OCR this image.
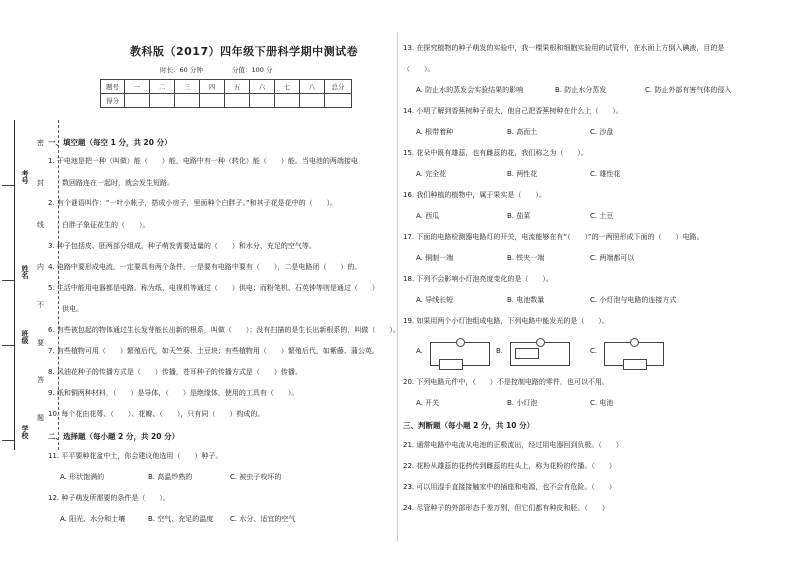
考号
姓名
班级
学校
密
封
线
内
不
要
答
题
教科版（2017）四年级下册科学期中测试卷
时长：60 分钟	分值：100 分
题号	一	二	三	四	五	六	七	八	总分
得分									
一、填空题（每空 1 分，共 20 分）
1. 干电池是把一种（叫做）能（　　）能，电路中有一种（转化）能（　　）能。当电池的两端接电
　　数回路连在一起时，就会发生短路。
2. 有个谜语叫作：“一叶小帐子，搭成小房子，里面种个白胖子。”和其子花是花中的（　　）。
　　白胖子象征花生的（　　）。
3. 种子包括皮、胚两部分组成，种子萌发需要适量的（　　）和水分、充足的空气等。
4. 电路中要形成电流，一定要具有两个条件，一是要有电路中要有（　　），二是电路闭（　　）的。
5. 生活中能用电器都是电路。称为纸、电视机等通过（　　）供电；而粉笔机、石英钟等则是通过（　　）
　　供电。
6. 有些被包起的物体通过生长发芽能长出新的根系，叫做（　　）；没有扫描的是生长出新根系的，叫做（　　）。
7. 有些植物可用（　　）繁殖后代，如天竺葵、土豆块；有些植物用（　　）繁殖后代，如紫藤、蒲公英。
8. 风油花种子的传播方式是（　　）传播，苍耳种子的传播方式是（　　）传播。
9. 纸和铜两种材料，（　　）是导体，（　　）是绝缘体，使用的工具有（　　）。
10. 每个花由花萼、（　　）、花瓣、（　　），只有同（　　）构成的。
二、选择题（每小题 2 分，共 20 分）
11. 平平要种花盆中土，你会建议他选用（　　）种子。
A. 形状饱满的	B. 高温炒熟的	C. 被虫子咬坏的
12. 种子萌发所需要的条件是（　　）。
A. 阳光、水分和土壤	B. 空气、充足的温度 C. 水分、适宜的空气
13. 在探究植物的种子萌发的实验中，我一棵果根和细胞实验用的试管中，在水面上方倒入碘液，目的是
（　　）。
A. 防止水的蒸发会实验结果的影响	B. 防止水分蒸发	C. 防止外部有害气体的侵入
14. 小明了解到香蕉树种子很大，他自己把香蕉树种在什么上（　　）。
A. 根带着种	B. 高而土	C. 沙盘
15. 花朵中既有雄蕊，也有雌蕊的花，我们称之为（　　）。
A. 完全花	B. 两性花	C. 雄性花
16. 我们种植的植物中，属于果实是（　　）。
A. 西瓜	B. 茄菜	C. 土豆
17. 下面的电路检测器电路灯的开关，电流能够在有“（　　）”的一两照形成下面的（　　）电路。
A. 铜制一端	B. 铁夹一端	C. 两端都可以
18. 下列不会影响小灯泡亮度变化的是（　　）。
A. 导线长短	B. 电池数量	C. 小灯泡与电路的连接方式
19. 如果用两个小灯泡组成电路，下列电路中能发光的是（　　）。
A.	B.	C.
20. 下列电路元件中，（　　）不是控制电路的零件，也可以不用。
A. 开关	B. 小灯泡	C. 电池
三、判断题（每小题 2 分，共 10 分）
21. 通常电路中电流从电池的正极流出，经过用电器回到负极。（　　）
22. 花粉从雄蕊的花药传到雌蕊的柱头上，称为花粉的传播。（　　）
23. 可以用湿手直接接触家中的插座和电源，也不会有危险。（　　）
24. 尽管种子的外部形态千差万别，但它们都有种皮和胚。（　　）
